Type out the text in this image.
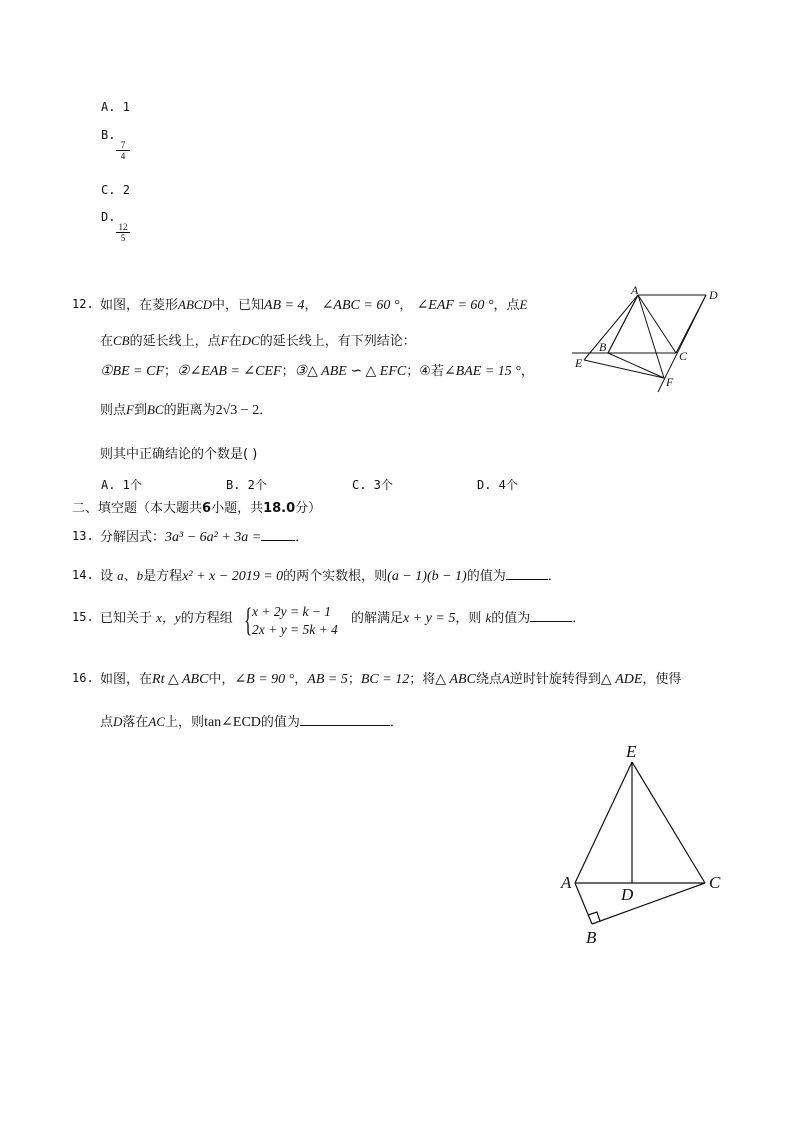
A. 1
B.
$\frac{7}{4}$
C. 2
D.
$\frac{12}{5}$
12. 如图，在菱形ABCD中，已知AB = 4， ∠ABC = 60 °， ∠EAF = 60 °，点E
在CB的延长线上，点F在DC的延长线上，有下列结论：
①BE = CF；②∠EAB = ∠CEF；③△ ABE ∽ △ EFC；④若∠BAE = 15 °，
则点F到BC的距离为2√3 − 2．
则其中正确结论的个数是( )
A. 1个	B. 2个	C. 3个	D. 4个
A	D
B
C
E
F
二、填空题（本大题共6小题，共18.0分）
13. 分解因式：3a³ − 6a² + 3a =	．
14. 设 a、b是方程x² + x − 2019 = 0的两个实数根，则(a − 1)(b − 1)的值为	．
15. 已知关于 x，y的方程组 { x + 2y = k − 1
2x + y = 5k + 4
的解满足x + y = 5，则 k的值为	．
16. 如图，在Rt △ ABC中，∠B = 90 °，AB = 5；BC = 12；将△ ABC绕点A逆时针旋转得到△ ADE，使得
点D落在AC上，则tan∠ECD的值为	．
E
A
D
C
B
